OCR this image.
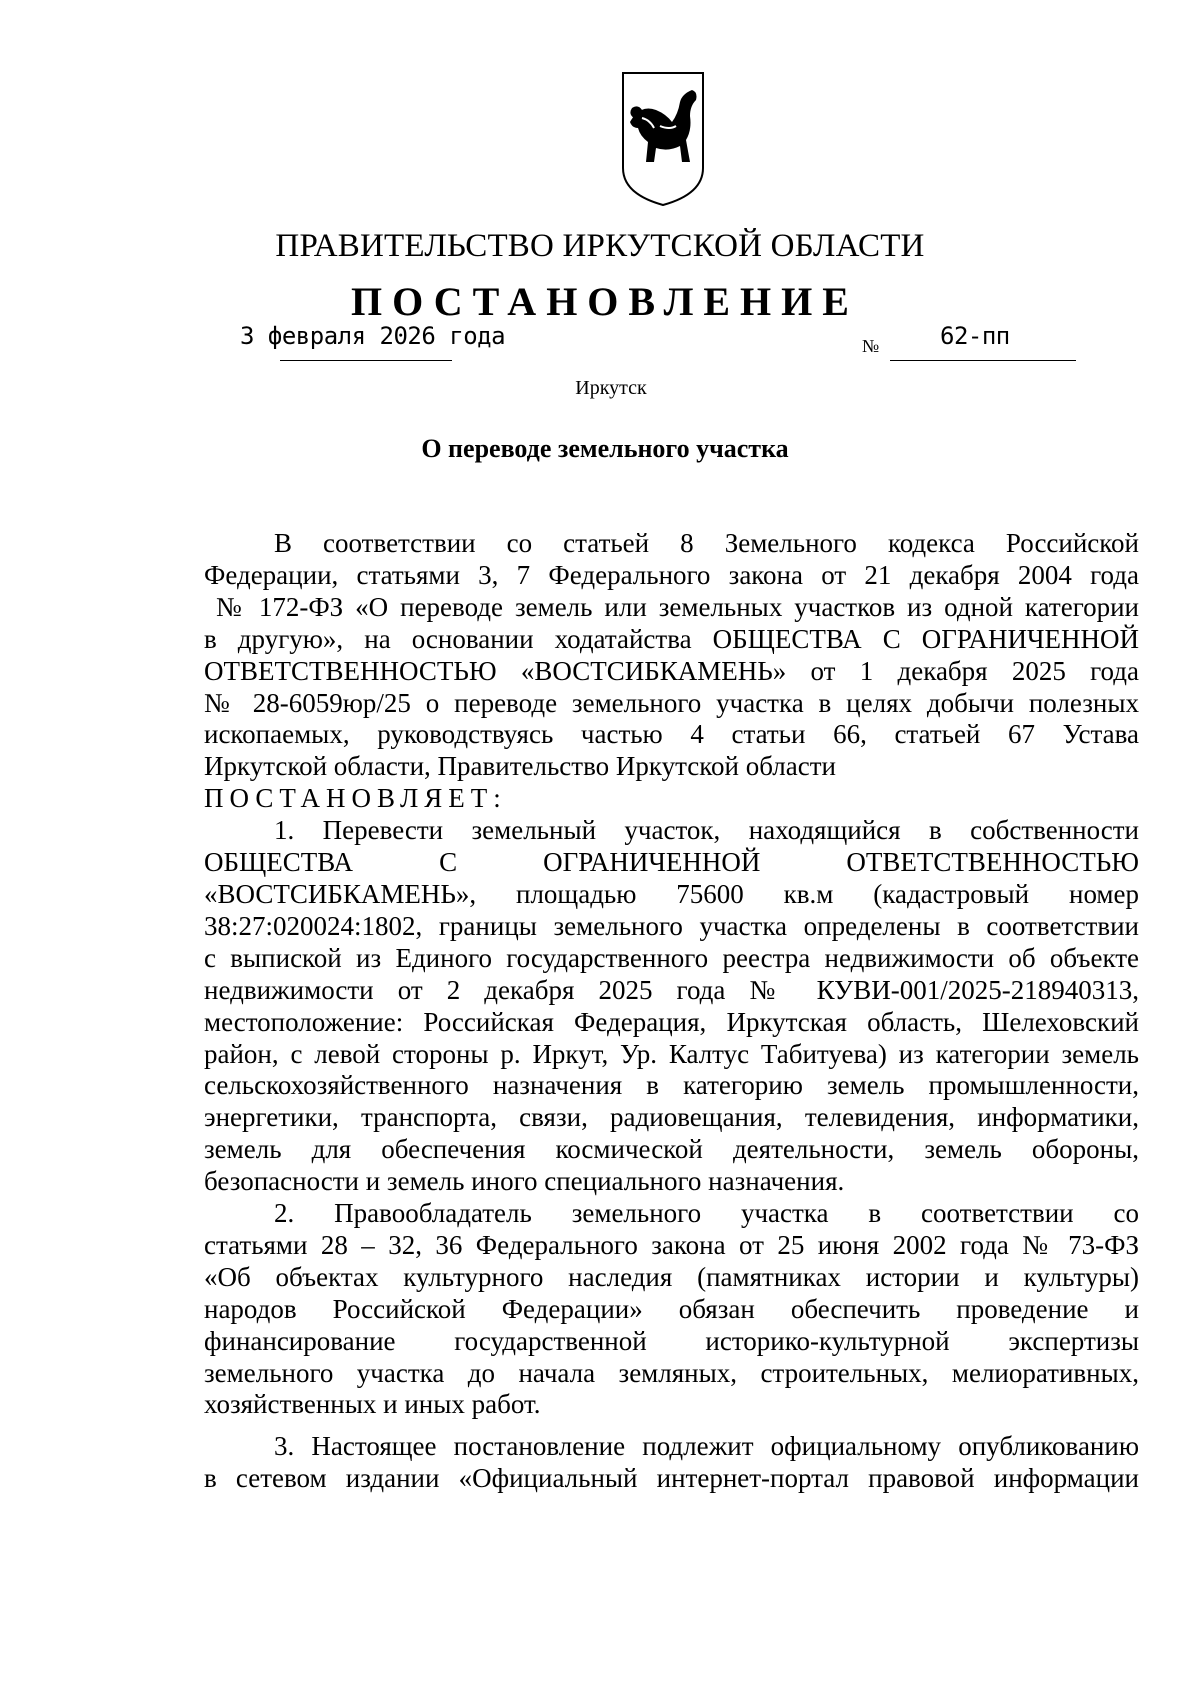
ПРАВИТЕЛЬСТВО ИРКУТСКОЙ ОБЛАСТИ
ПОСТАНОВЛЕНИЕ
3 февраля 2026 года	№	62-пп
Иркутск
О переводе земельного участка

В соответствии со статьей 8 Земельного кодекса Российской
Федерации, статьями 3, 7 Федерального закона от 21 декабря 2004 года
№ 172-ФЗ «О переводе земель или земельных участков из одной категории
в другую», на основании ходатайства ОБЩЕСТВА С ОГРАНИЧЕННОЙ
ОТВЕТСТВЕННОСТЬЮ «ВОСТСИБКАМЕНЬ» от 1 декабря 2025 года
№ 28-6059юр/25 о переводе земельного участка в целях добычи полезных
ископаемых, руководствуясь частью 4 статьи 66, статьей 67 Устава
Иркутской области, Правительство Иркутской области

ПОСТАНОВЛЯЕТ:

1. Перевести земельный участок, находящийся в собственности
ОБЩЕСТВА С ОГРАНИЧЕННОЙ ОТВЕТСТВЕННОСТЬЮ
«ВОСТСИБКАМЕНЬ», площадью 75600 кв.м (кадастровый номер
38:27:020024:1802, границы земельного участка определены в соответствии
с выпиской из Единого государственного реестра недвижимости об объекте
недвижимости от 2 декабря 2025 года № КУВИ-001/2025-218940313,
местоположение: Российская Федерация, Иркутская область, Шелеховский
район, с левой стороны р. Иркут, Ур. Калтус Табитуева) из категории земель
сельскохозяйственного назначения в категорию земель промышленности,
энергетики, транспорта, связи, радиовещания, телевидения, информатики,
земель для обеспечения космической деятельности, земель обороны,
безопасности и земель иного специального назначения.

2. Правообладатель земельного участка в соответствии со
статьями 28 – 32, 36 Федерального закона от 25 июня 2002 года № 73-ФЗ
«Об объектах культурного наследия (памятниках истории и культуры)
народов Российской Федерации» обязан обеспечить проведение и
финансирование государственной историко-культурной экспертизы
земельного участка до начала земляных, строительных, мелиоративных,
хозяйственных и иных работ.

3. Настоящее постановление подлежит официальному опубликованию
в сетевом издании «Официальный интернет-портал правовой информации
